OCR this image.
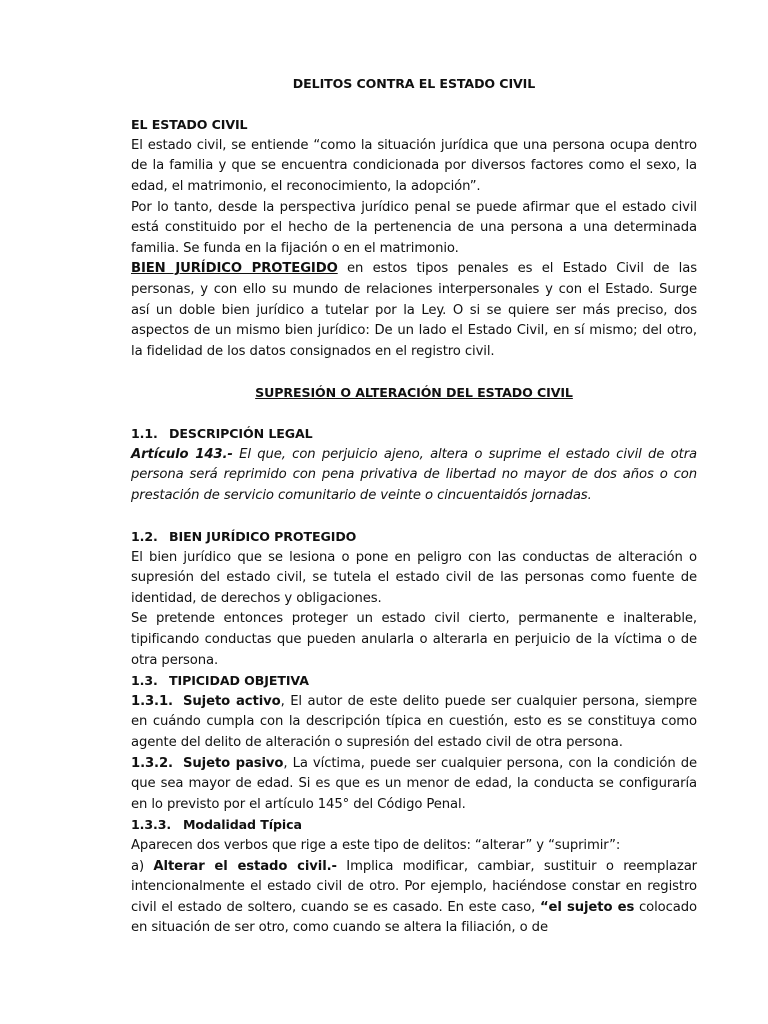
DELITOS CONTRA EL ESTADO CIVIL

EL ESTADO CIVIL

El estado civil, se entiende “como la situación jurídica que una persona ocupa dentro de la familia y que se encuentra condicionada por diversos factores como el sexo, la edad, el matrimonio, el reconocimiento, la adopción”.

Por lo tanto, desde la perspectiva jurídico penal se puede afirmar que el estado civil está constituido por el hecho de la pertenencia de una persona a una determinada familia. Se funda en la fijación o en el matrimonio.

BIEN JURÍDICO PROTEGIDO en estos tipos penales es el Estado Civil de las personas, y con ello su mundo de relaciones interpersonales y con el Estado. Surge así un doble bien jurídico a tutelar por la Ley. O si se quiere ser más preciso, dos aspectos de un mismo bien jurídico: De un lado el Estado Civil, en sí mismo; del otro, la fidelidad de los datos consignados en el registro civil.

SUPRESIÓN O ALTERACIÓN DEL ESTADO CIVIL

1.1. DESCRIPCIÓN LEGAL

Artículo 143.- El que, con perjuicio ajeno, altera o suprime el estado civil de otra persona será reprimido con pena privativa de libertad no mayor de dos años o con prestación de servicio comunitario de veinte o cincuentaidós jornadas.

1.2. BIEN JURÍDICO PROTEGIDO

El bien jurídico que se lesiona o pone en peligro con las conductas de alteración o supresión del estado civil, se tutela el estado civil de las personas como fuente de identidad, de derechos y obligaciones.

Se pretende entonces proteger un estado civil cierto, permanente e inalterable, tipificando conductas que pueden anularla o alterarla en perjuicio de la víctima o de otra persona.

1.3. TIPICIDAD OBJETIVA

1.3.1. Sujeto activo, El autor de este delito puede ser cualquier persona, siempre en cuándo cumpla con la descripción típica en cuestión, esto es se constituya como agente del delito de alteración o supresión del estado civil de otra persona.

1.3.2. Sujeto pasivo, La víctima, puede ser cualquier persona, con la condición de que sea mayor de edad. Si es que es un menor de edad, la conducta se configuraría en lo previsto por el artículo 145° del Código Penal.

1.3.3. Modalidad Típica

Aparecen dos verbos que rige a este tipo de delitos: “alterar” y “suprimir”:

a) Alterar el estado civil.- Implica modificar, cambiar, sustituir o reemplazar intencionalmente el estado civil de otro. Por ejemplo, haciéndose constar en registro civil el estado de soltero, cuando se es casado. En este caso, “el sujeto es colocado en situación de ser otro, como cuando se altera la filiación, o de
